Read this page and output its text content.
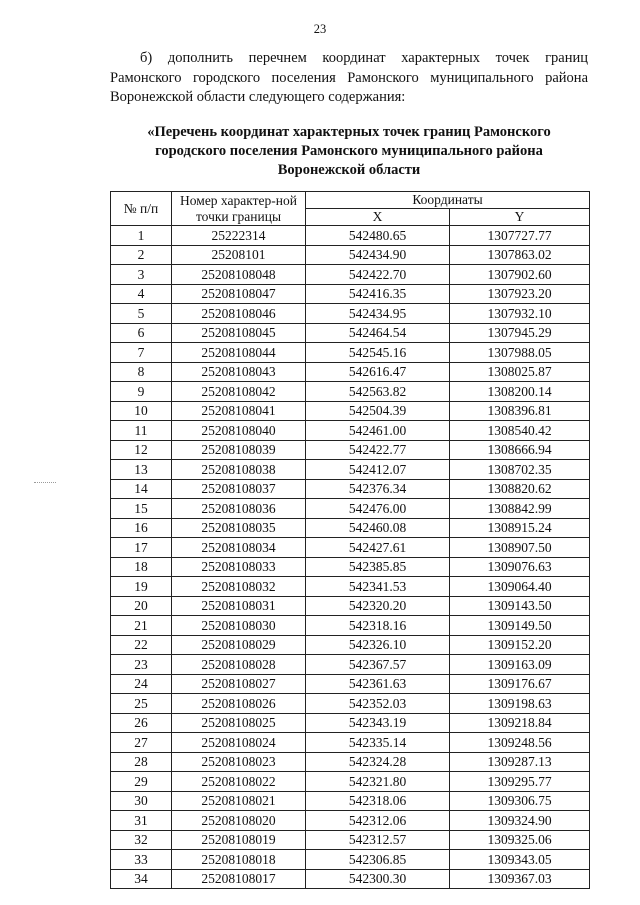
23
б) дополнить перечнем координат характерных точек границ Рамонского городского поселения Рамонского муниципального района Воронежской области следующего содержания:
«Перечень координат характерных точек границ Рамонского городского поселения Рамонского муниципального района Воронежской области
№ п/п	Номер характер-ной точки границы	Координаты	
		X	Y
1	25222314	542480.65	1307727.77
2	25208101	542434.90	1307863.02
3	25208108048	542422.70	1307902.60
4	25208108047	542416.35	1307923.20
5	25208108046	542434.95	1307932.10
6	25208108045	542464.54	1307945.29
7	25208108044	542545.16	1307988.05
8	25208108043	542616.47	1308025.87
9	25208108042	542563.82	1308200.14
10	25208108041	542504.39	1308396.81
11	25208108040	542461.00	1308540.42
12	25208108039	542422.77	1308666.94
13	25208108038	542412.07	1308702.35
14	25208108037	542376.34	1308820.62
15	25208108036	542476.00	1308842.99
16	25208108035	542460.08	1308915.24
17	25208108034	542427.61	1308907.50
18	25208108033	542385.85	1309076.63
19	25208108032	542341.53	1309064.40
20	25208108031	542320.20	1309143.50
21	25208108030	542318.16	1309149.50
22	25208108029	542326.10	1309152.20
23	25208108028	542367.57	1309163.09
24	25208108027	542361.63	1309176.67
25	25208108026	542352.03	1309198.63
26	25208108025	542343.19	1309218.84
27	25208108024	542335.14	1309248.56
28	25208108023	542324.28	1309287.13
29	25208108022	542321.80	1309295.77
30	25208108021	542318.06	1309306.75
31	25208108020	542312.06	1309324.90
32	25208108019	542312.57	1309325.06
33	25208108018	542306.85	1309343.05
34	25208108017	542300.30	1309367.03
